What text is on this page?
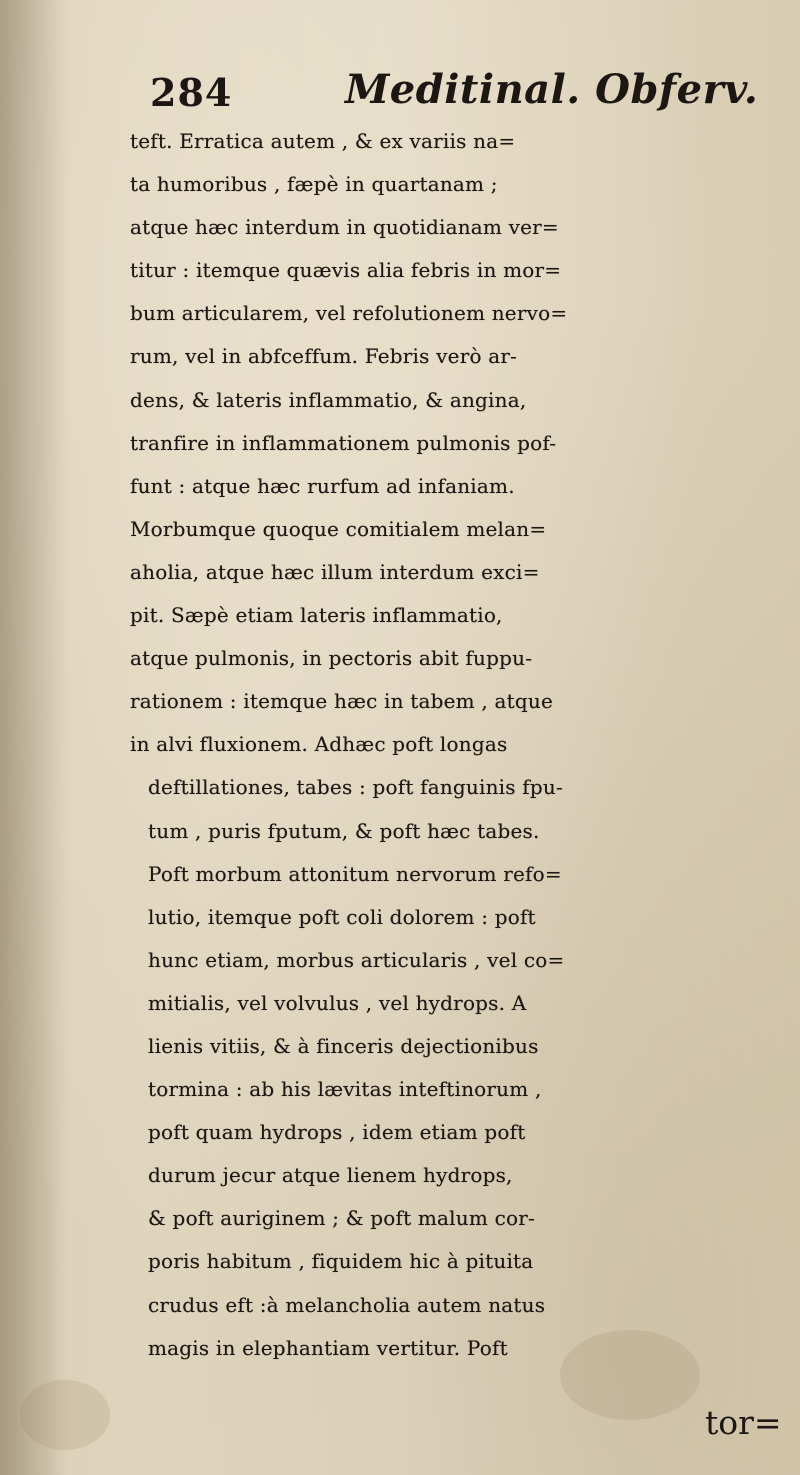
284	Meditinal. Obferv.
teft. Erratica autem , & ex variis na=
ta humoribus , fæpè in quartanam ;
atque hæc interdum in quotidianam ver=
titur : itemque quævis alia febris in mor=
bum articularem, vel refolutionem nervo=
rum, vel in abfceffum. Febris verò ar-
dens, & lateris inflammatio, & angina,
tranfire in inflammationem pulmonis pof-
funt : atque hæc rurfum ad infaniam.
Morbumque quoque comitialem melan=
aholia, atque hæc illum interdum exci=
pit. Sæpè etiam lateris inflammatio,
atque pulmonis, in pectoris abit fuppu-
rationem : itemque hæc in tabem , atque
in alvi fluxionem. Adhæc poft longas
deftillationes, tabes : poft fanguinis fpu-
tum , puris fputum, & poft hæc tabes.
Poft morbum attonitum nervorum refo=
lutio, itemque poft coli dolorem : poft
hunc etiam, morbus articularis , vel co=
mitialis, vel volvulus , vel hydrops. A
lienis vitiis, & à finceris dejectionibus
tormina : ab his lævitas inteftinorum ,
poft quam hydrops , idem etiam poft
durum jecur atque lienem hydrops,
& poft auriginem ; & poft malum cor-
poris habitum , fiquidem hic à pituita
crudus eft :à melancholia autem natus
magis in elephantiam vertitur. Poft
tor=
